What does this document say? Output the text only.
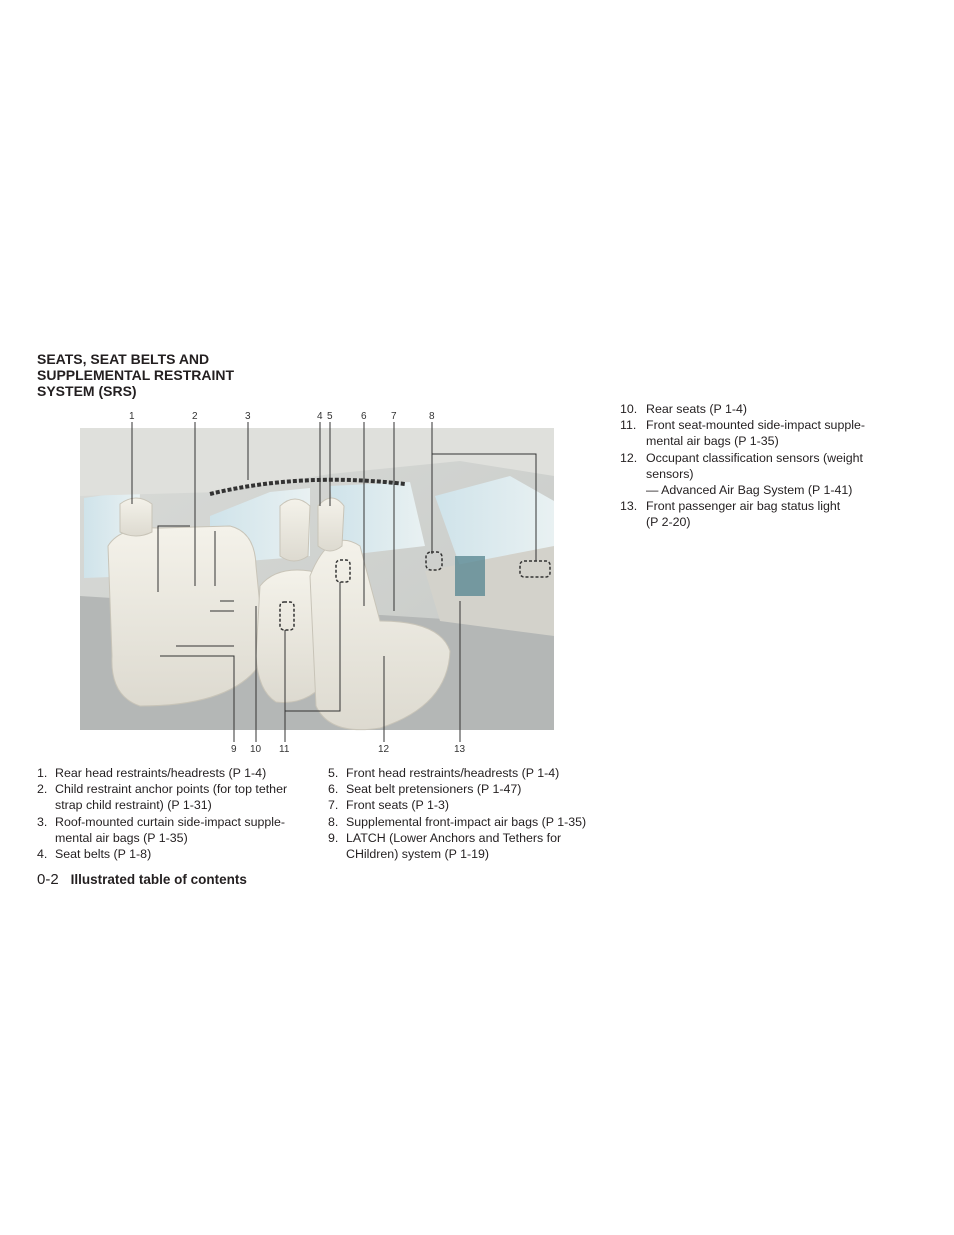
SEATS, SEAT BELTS AND
SUPPLEMENTAL RESTRAINT
SYSTEM (SRS)
1	2	3	4 5	6 7	8
9 10 11	12	13
1. Rear head restraints/headrests (P 1-4)
2. Child restraint anchor points (for top tether
strap child restraint) (P 1-31)
3. Roof-mounted curtain side-impact supple-
mental air bags (P 1-35)
4. Seat belts (P 1-8)
5. Front head restraints/headrests (P 1-4)
6. Seat belt pretensioners (P 1-47)
7. Front seats (P 1-3)
8. Supplemental front-impact air bags (P 1-35)
9. LATCH (Lower Anchors and Tethers for
CHildren) system (P 1-19)
10. Rear seats (P 1-4)
11. Front seat-mounted side-impact supple-
mental air bags (P 1-35)
12. Occupant classification sensors (weight
sensors)
— Advanced Air Bag System (P 1-41)
13. Front passenger air bag status light
(P 2-20)
0-2 Illustrated table of contents
